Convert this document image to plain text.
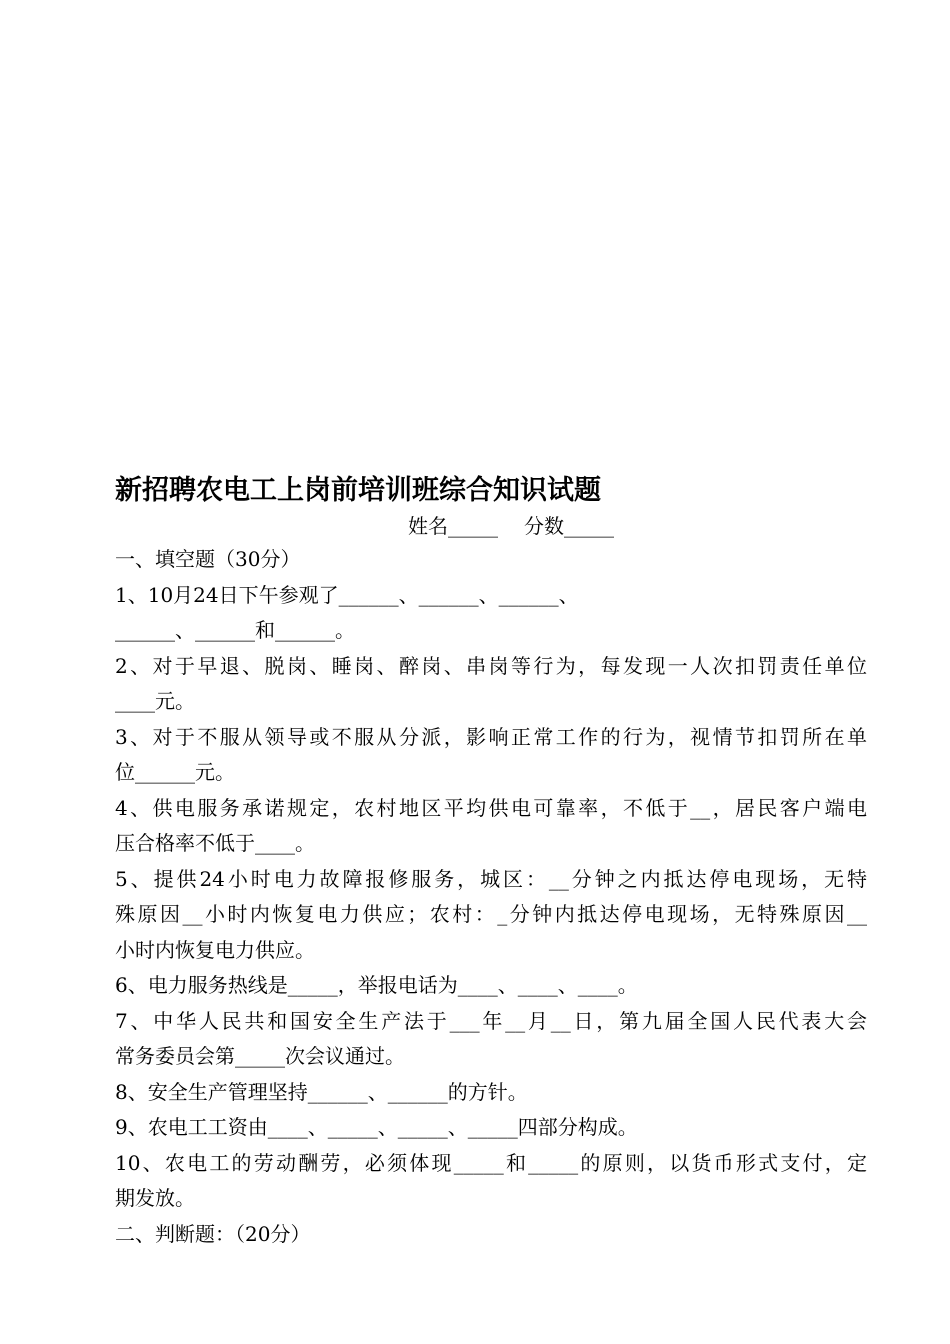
新招聘农电工上岗前培训班综合知识试题
姓名_____ 分数_____
一、填空题（30分）
1、10月24日下午参观了______、______、______、
______、______和______。
2、对于早退、脱岗、睡岗、醉岗、串岗等行为，每发现一人次扣罚责任单位
____元。
3、对于不服从领导或不服从分派，影响正常工作的行为，视情节扣罚所在单
位______元。
4、供电服务承诺规定，农村地区平均供电可靠率，不低于__，居民客户端电
压合格率不低于____。
5、提供24小时电力故障报修服务，城区：__分钟之内抵达停电现场，无特
殊原因__小时内恢复电力供应；农村：_分钟内抵达停电现场，无特殊原因__
小时内恢复电力供应。
6、电力服务热线是_____，举报电话为____、____、____。
7、中华人民共和国安全生产法于___年__月__日，第九届全国人民代表大会
常务委员会第_____次会议通过。
8、安全生产管理坚持______、______的方针。
9、农电工工资由____、_____、_____、_____四部分构成。
10、农电工的劳动酬劳，必须体现_____和_____的原则，以货币形式支付，定
期发放。
二、判断题：（20分）
